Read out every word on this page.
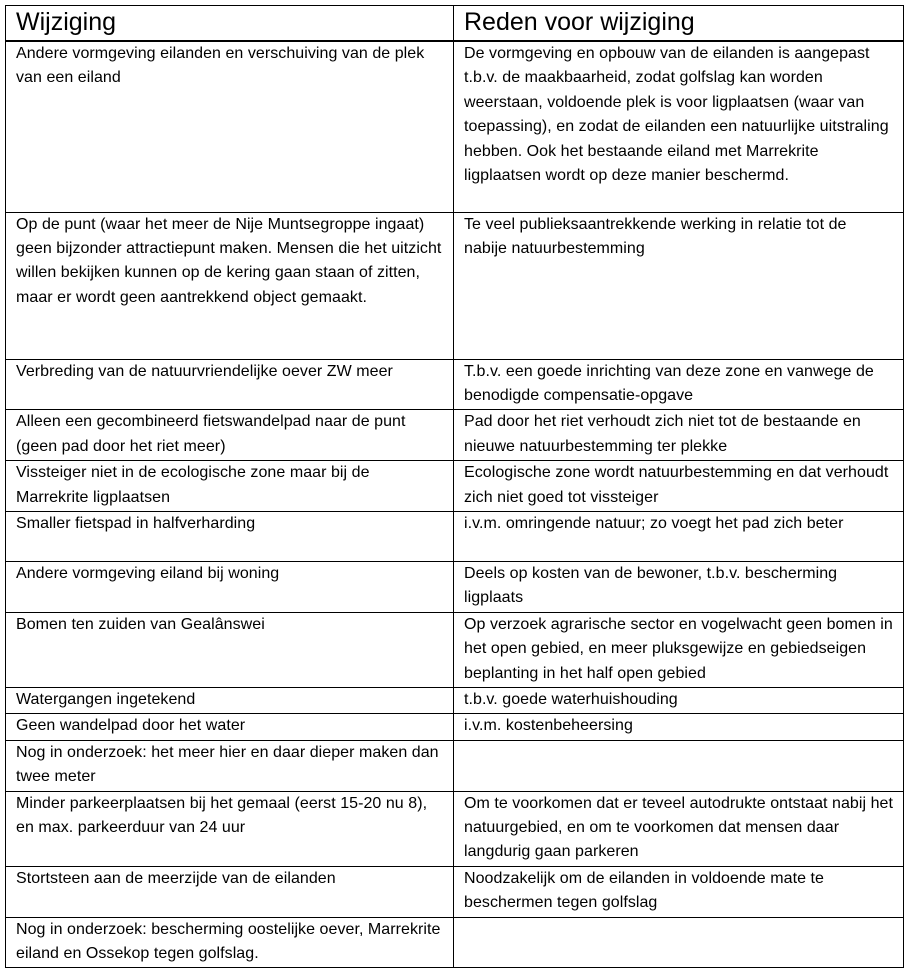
Wijziging	Reden voor wijziging

Andere vormgeving eilanden en verschuiving van de plek van een eiland	De vormgeving en opbouw van de eilanden is aangepast t.b.v. de maakbaarheid, zodat golfslag kan worden weerstaan, voldoende plek is voor ligplaatsen (waar van toepassing), en zodat de eilanden een natuurlijke uitstraling hebben. Ook het bestaande eiland met Marrekrite ligplaatsen wordt op deze manier beschermd.

Op de punt (waar het meer de Nije Muntsegroppe ingaat) geen bijzonder attractiepunt maken. Mensen die het uitzicht willen bekijken kunnen op de kering gaan staan of zitten, maar er wordt geen aantrekkend object gemaakt.	Te veel publieksaantrekkende werking in relatie tot de nabije natuurbestemming

Verbreding van de natuurvriendelijke oever ZW meer	T.b.v. een goede inrichting van deze zone en vanwege de benodigde compensatie-opgave

Alleen een gecombineerd fietswandelpad naar de punt (geen pad door het riet meer)	Pad door het riet verhoudt zich niet tot de bestaande en nieuwe natuurbestemming ter plekke

Vissteiger niet in de ecologische zone maar bij de Marrekrite ligplaatsen	Ecologische zone wordt natuurbestemming en dat verhoudt zich niet goed tot vissteiger

Smaller fietspad in halfverharding	i.v.m. omringende natuur; zo voegt het pad zich beter

Andere vormgeving eiland bij woning	Deels op kosten van de bewoner, t.b.v. bescherming ligplaats

Bomen ten zuiden van Gealânswei	Op verzoek agrarische sector en vogelwacht geen bomen in het open gebied, en meer pluksgewijze en gebiedseigen beplanting in het half open gebied

Watergangen ingetekend	t.b.v. goede waterhuishouding

Geen wandelpad door het water	i.v.m. kostenbeheersing

Nog in onderzoek: het meer hier en daar dieper maken dan twee meter	

Minder parkeerplaatsen bij het gemaal (eerst 15-20 nu 8), en max. parkeerduur van 24 uur	Om te voorkomen dat er teveel autodrukte ontstaat nabij het natuurgebied, en om te voorkomen dat mensen daar langdurig gaan parkeren

Stortsteen aan de meerzijde van de eilanden	Noodzakelijk om de eilanden in voldoende mate te beschermen tegen golfslag

Nog in onderzoek: bescherming oostelijke oever, Marrekrite eiland en Ossekop tegen golfslag.	
